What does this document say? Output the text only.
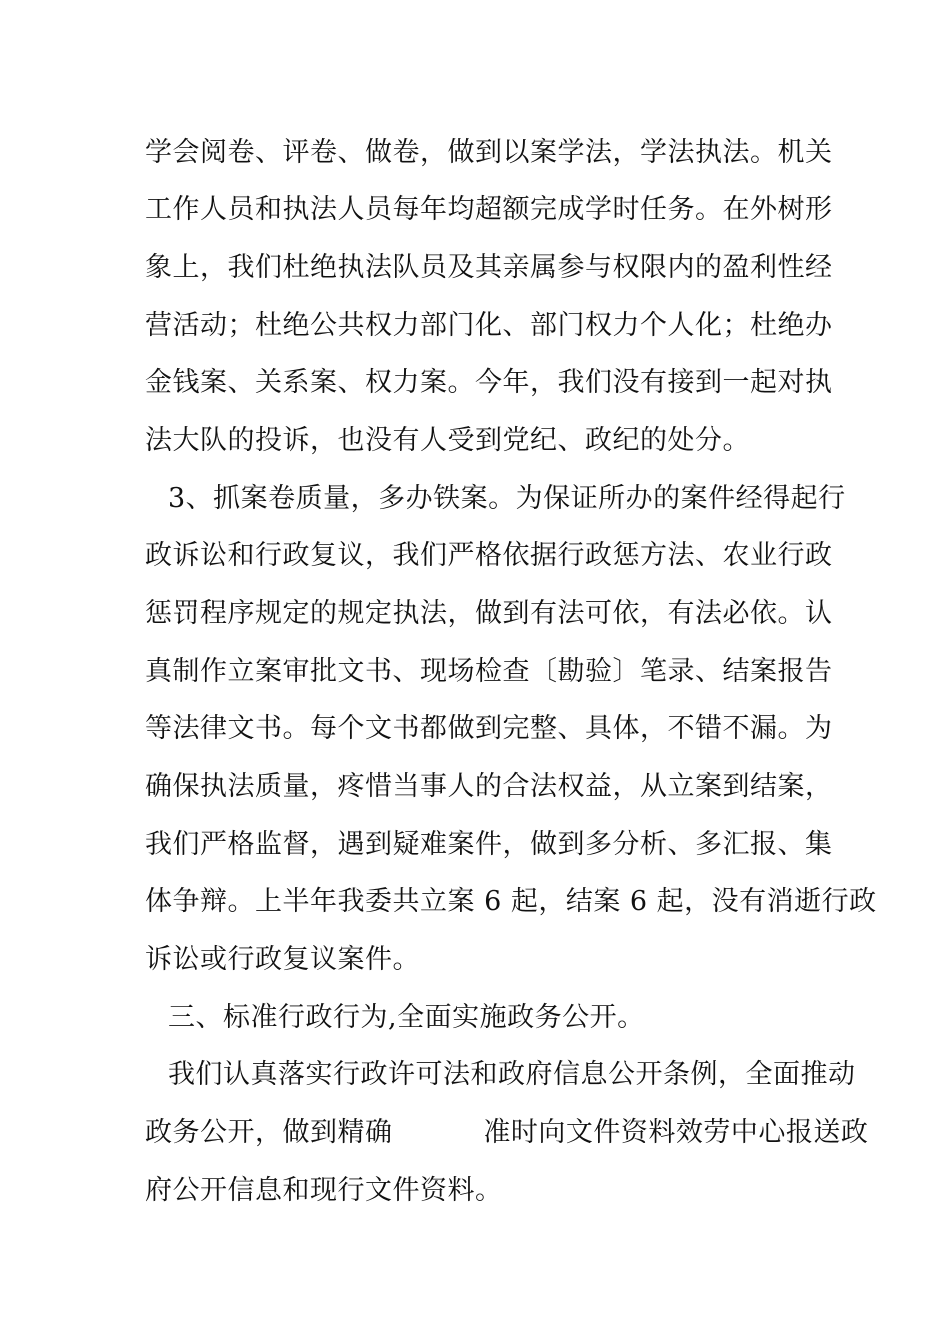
学会阅卷、评卷、做卷，做到以案学法，学法执法。机关
工作人员和执法人员每年均超额完成学时任务。在外树形
象上，我们杜绝执法队员及其亲属参与权限内的盈利性经
营活动；杜绝公共权力部门化、部门权力个人化；杜绝办
金钱案、关系案、权力案。今年，我们没有接到一起对执
法大队的投诉，也没有人受到党纪、政纪的处分。
3、抓案卷质量，多办铁案。为保证所办的案件经得起行
政诉讼和行政复议，我们严格依据行政惩方法、农业行政
惩罚程序规定的规定执法，做到有法可依，有法必依。认
真制作立案审批文书、现场检查〔勘验〕笔录、结案报告
等法律文书。每个文书都做到完整、具体，不错不漏。为
确保执法质量，疼惜当事人的合法权益，从立案到结案，
我们严格监督，遇到疑难案件，做到多分析、多汇报、集
体争辩。上半年我委共立案 6 起，结案 6 起，没有消逝行政
诉讼或行政复议案件。
三、标准行政行为,全面实施政务公开。
我们认真落实行政许可法和政府信息公开条例，全面推动
政务公开，做到精确          准时向文件资料效劳中心报送政
府公开信息和现行文件资料。
